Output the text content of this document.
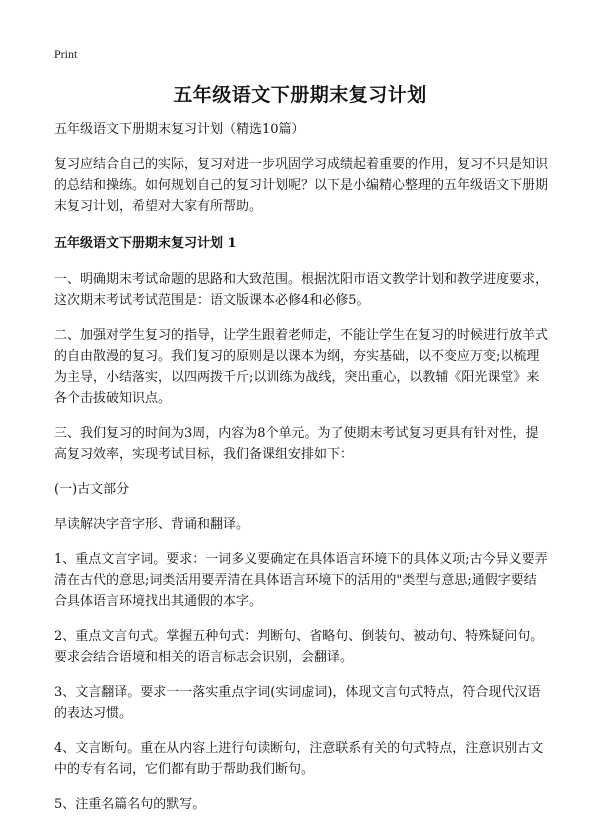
Print
五年级语文下册期末复习计划

五年级语文下册期末复习计划（精选10篇）

复习应结合自己的实际，复习对进一步巩固学习成绩起着重要的作用，复习不只是知识的总结和操练。如何规划自己的复习计划呢？以下是小编精心整理的五年级语文下册期末复习计划，希望对大家有所帮助。

五年级语文下册期末复习计划 1

一、明确期末考试命题的思路和大致范围。根据沈阳市语文教学计划和教学进度要求，这次期末考试考试范围是：语文版课本必修4和必修5。

二、加强对学生复习的指导，让学生跟着老师走，不能让学生在复习的时候进行放羊式的自由散漫的复习。我们复习的原则是以课本为纲，夯实基础，以不变应万变;以梳理为主导，小结落实，以四两拨千斤;以训练为战线，突出重心，以教辅《阳光课堂》来各个击拔破知识点。

三、我们复习的时间为3周，内容为8个单元。为了使期末考试复习更具有针对性，提高复习效率，实现考试目标，我们备课组安排如下：

(一)古文部分

早读解决字音字形、背诵和翻译。

1、重点文言字词。要求：一词多义要确定在具体语言环境下的具体义项;古今异义要弄清在古代的意思;词类活用要弄清在具体语言环境下的活用的"类型与意思;通假字要结合具体语言环境找出其通假的本字。

2、重点文言句式。掌握五种句式：判断句、省略句、倒装句、被动句、特殊疑问句。要求会结合语境和相关的语言标志会识别，会翻译。

3、文言翻译。要求一一落实重点字词(实词虚词)，体现文言句式特点，符合现代汉语的表达习惯。

4、文言断句。重在从内容上进行句读断句，注意联系有关的句式特点，注意识别古文中的专有名词，它们都有助于帮助我们断句。

5、注重名篇名句的默写。
